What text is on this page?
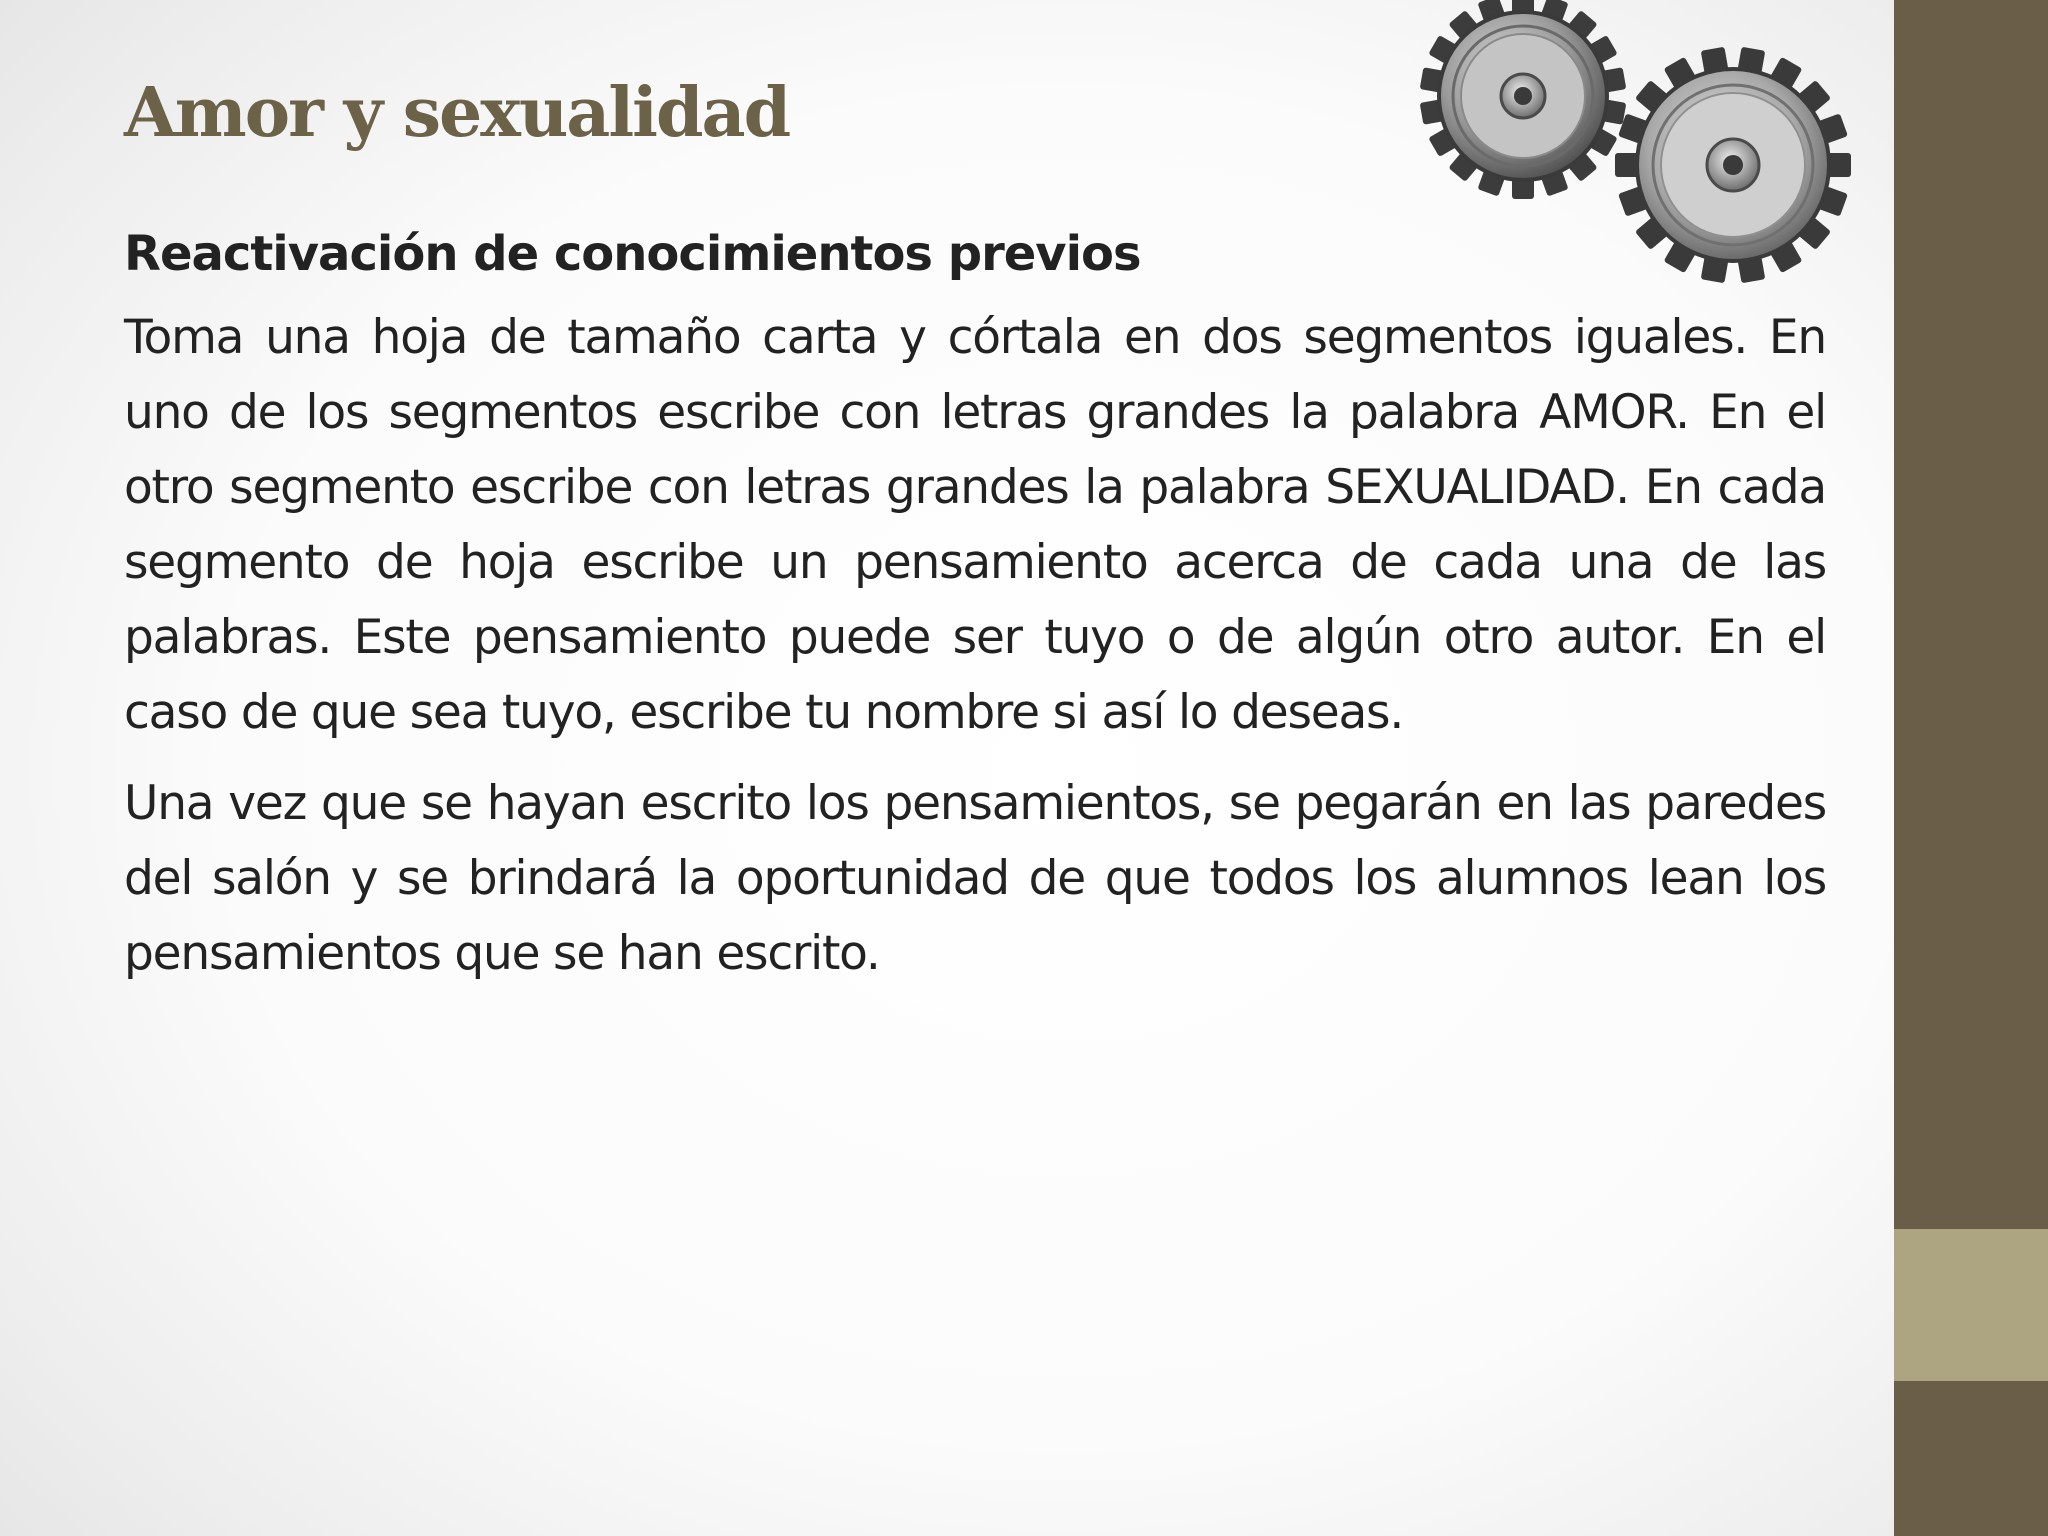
Amor y sexualidad

Reactivación de conocimientos previos

Toma una hoja de tamaño carta y córtala en dos segmentos iguales. En uno de los segmentos escribe con letras grandes la palabra AMOR. En el otro segmento escribe con letras grandes la palabra SEXUALIDAD. En cada segmento de hoja escribe un pensamiento acerca de cada una de las palabras. Este pensamiento puede ser tuyo o de algún otro autor. En el caso de que sea tuyo, escribe tu nombre si así lo deseas.

Una vez que se hayan escrito los pensamientos, se pegarán en las paredes del salón y se brindará la oportunidad de que todos los alumnos lean los pensamientos que se han escrito.
